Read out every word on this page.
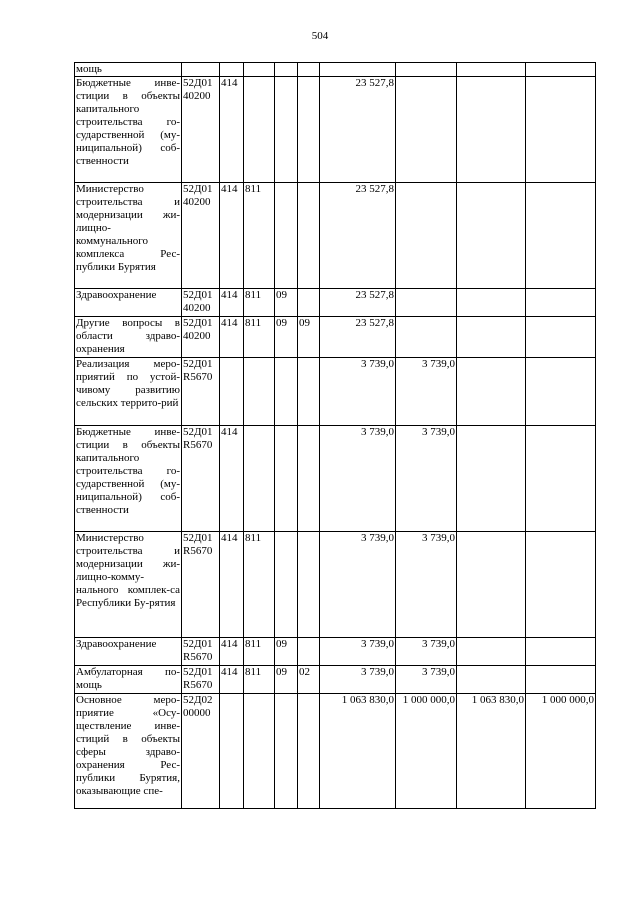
504
мощь									
Бюджетные инве-стиции в объекты капитального строительства го-сударственной (му-ниципальной) соб-ственности	52Д01 40200	414				23 527,8			
Министерство строительства и модернизации жи-лищно-коммунального комплекса Рес-публики Бурятия	52Д01 40200	414	811			23 527,8			
Здравоохранение	52Д01 40200	414	811	09		23 527,8			
Другие вопросы в области здраво-охранения	52Д01 40200	414	811	09	09	23 527,8			
Реализация меро-приятий по устой-чивому развитию сельских террито-рий	52Д01 R5670					3 739,0	3 739,0		
Бюджетные инве-стиции в объекты капитального строительства го-сударственной (му-ниципальной) соб-ственности	52Д01 R5670	414				3 739,0	3 739,0		
Министерство строительства и модернизации жи-лищно-комму-нального комплек-са Республики Бу-рятия	52Д01 R5670	414	811			3 739,0	3 739,0		
Здравоохранение	52Д01 R5670	414	811	09		3 739,0	3 739,0		
Амбулаторная по-мощь	52Д01 R5670	414	811	09	02	3 739,0	3 739,0		
Основное меро-приятие «Осу-ществление инве-стиций в объекты сферы здраво-охранения Рес-публики Бурятия, оказывающие спе-	52Д02 00000					1 063 830,0	1 000 000,0	1 063 830,0	1 000 000,0
